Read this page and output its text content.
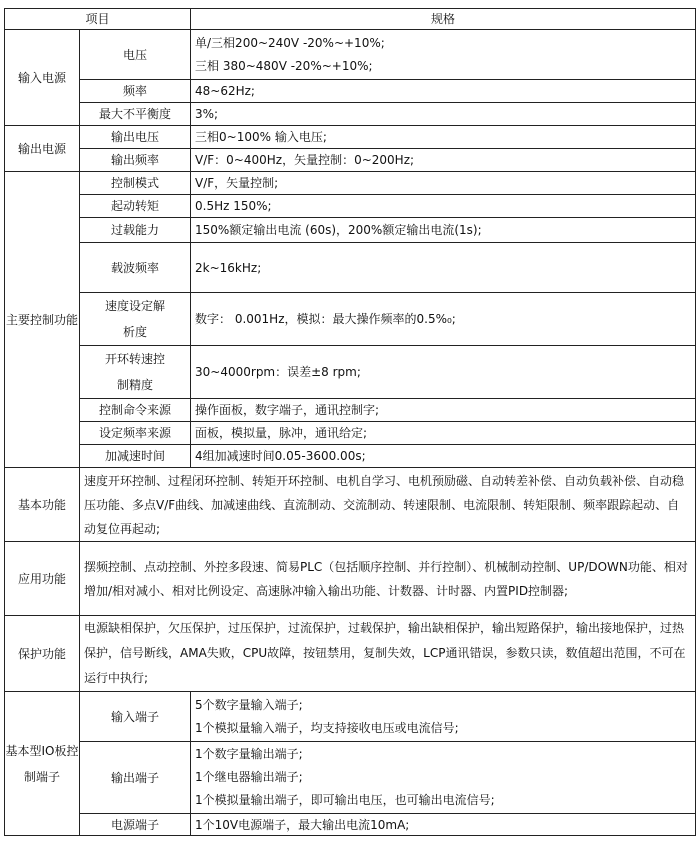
项目		规格
输入电源	电压	单/三相200~240V -20%~+10%;
三相 380~480V -20%~+10%;

	频率	48~62Hz;
	最大不平衡度	3%;
输出电源	输出电压	三相0~100% 输入电压;
	输出频率	V/F：0~400Hz，矢量控制：0~200Hz;
主要控制功能	控制模式	V/F，矢量控制;
	起动转矩	0.5Hz 150%;
	过载能力	150%额定输出电流 (60s)，200%额定输出电流(1s);
	载波频率	2k~16kHz;
	速度设定解析度	数字： 0.001Hz，模拟：最大操作频率的0.5%₀;
	开环转速控制精度	30~4000rpm：误差±8 rpm;
	控制命令来源	操作面板，数字端子，通讯控制字;
	设定频率来源	面板，模拟量，脉冲，通讯给定;
	加减速时间	4组加减速时间0.05-3600.00s;
基本功能	速度开环控制、过程闭环控制、转矩开环控制、电机自学习、电机预励磁、自动转差补偿、自动负载补偿、自动稳压功能、多点V/F曲线、加减速曲线、直流制动、交流制动、转速限制、电流限制、转矩限制、频率跟踪起动、自动复位再起动;	
应用功能	摆频控制、点动控制、外控多段速、简易PLC（包括顺序控制、并行控制）、机械制动控制、UP/DOWN功能、相对增加/相对减小、相对比例设定、高速脉冲输入输出功能、计数器、计时器、内置PID控制器;	
保护功能	电源缺相保护，欠压保护，过压保护，过流保护，过载保护，输出缺相保护，输出短路保护，输出接地保护，过热保护，信号断线，AMA失败，CPU故障，按钮禁用，复制失效，LCP通讯错误，参数只读，数值超出范围，不可在运行中执行;	
基本型IO板控制端子	输入端子	5个数字量输入端子;
1个模拟量输入端子，均支持接收电压或电流信号;

	输出端子	1个数字量输出端子;
1个继电器输出端子;
1个模拟量输出端子，即可输出电压，也可输出电流信号;

	电源端子	1个10V电源端子，最大输出电流10mA;
